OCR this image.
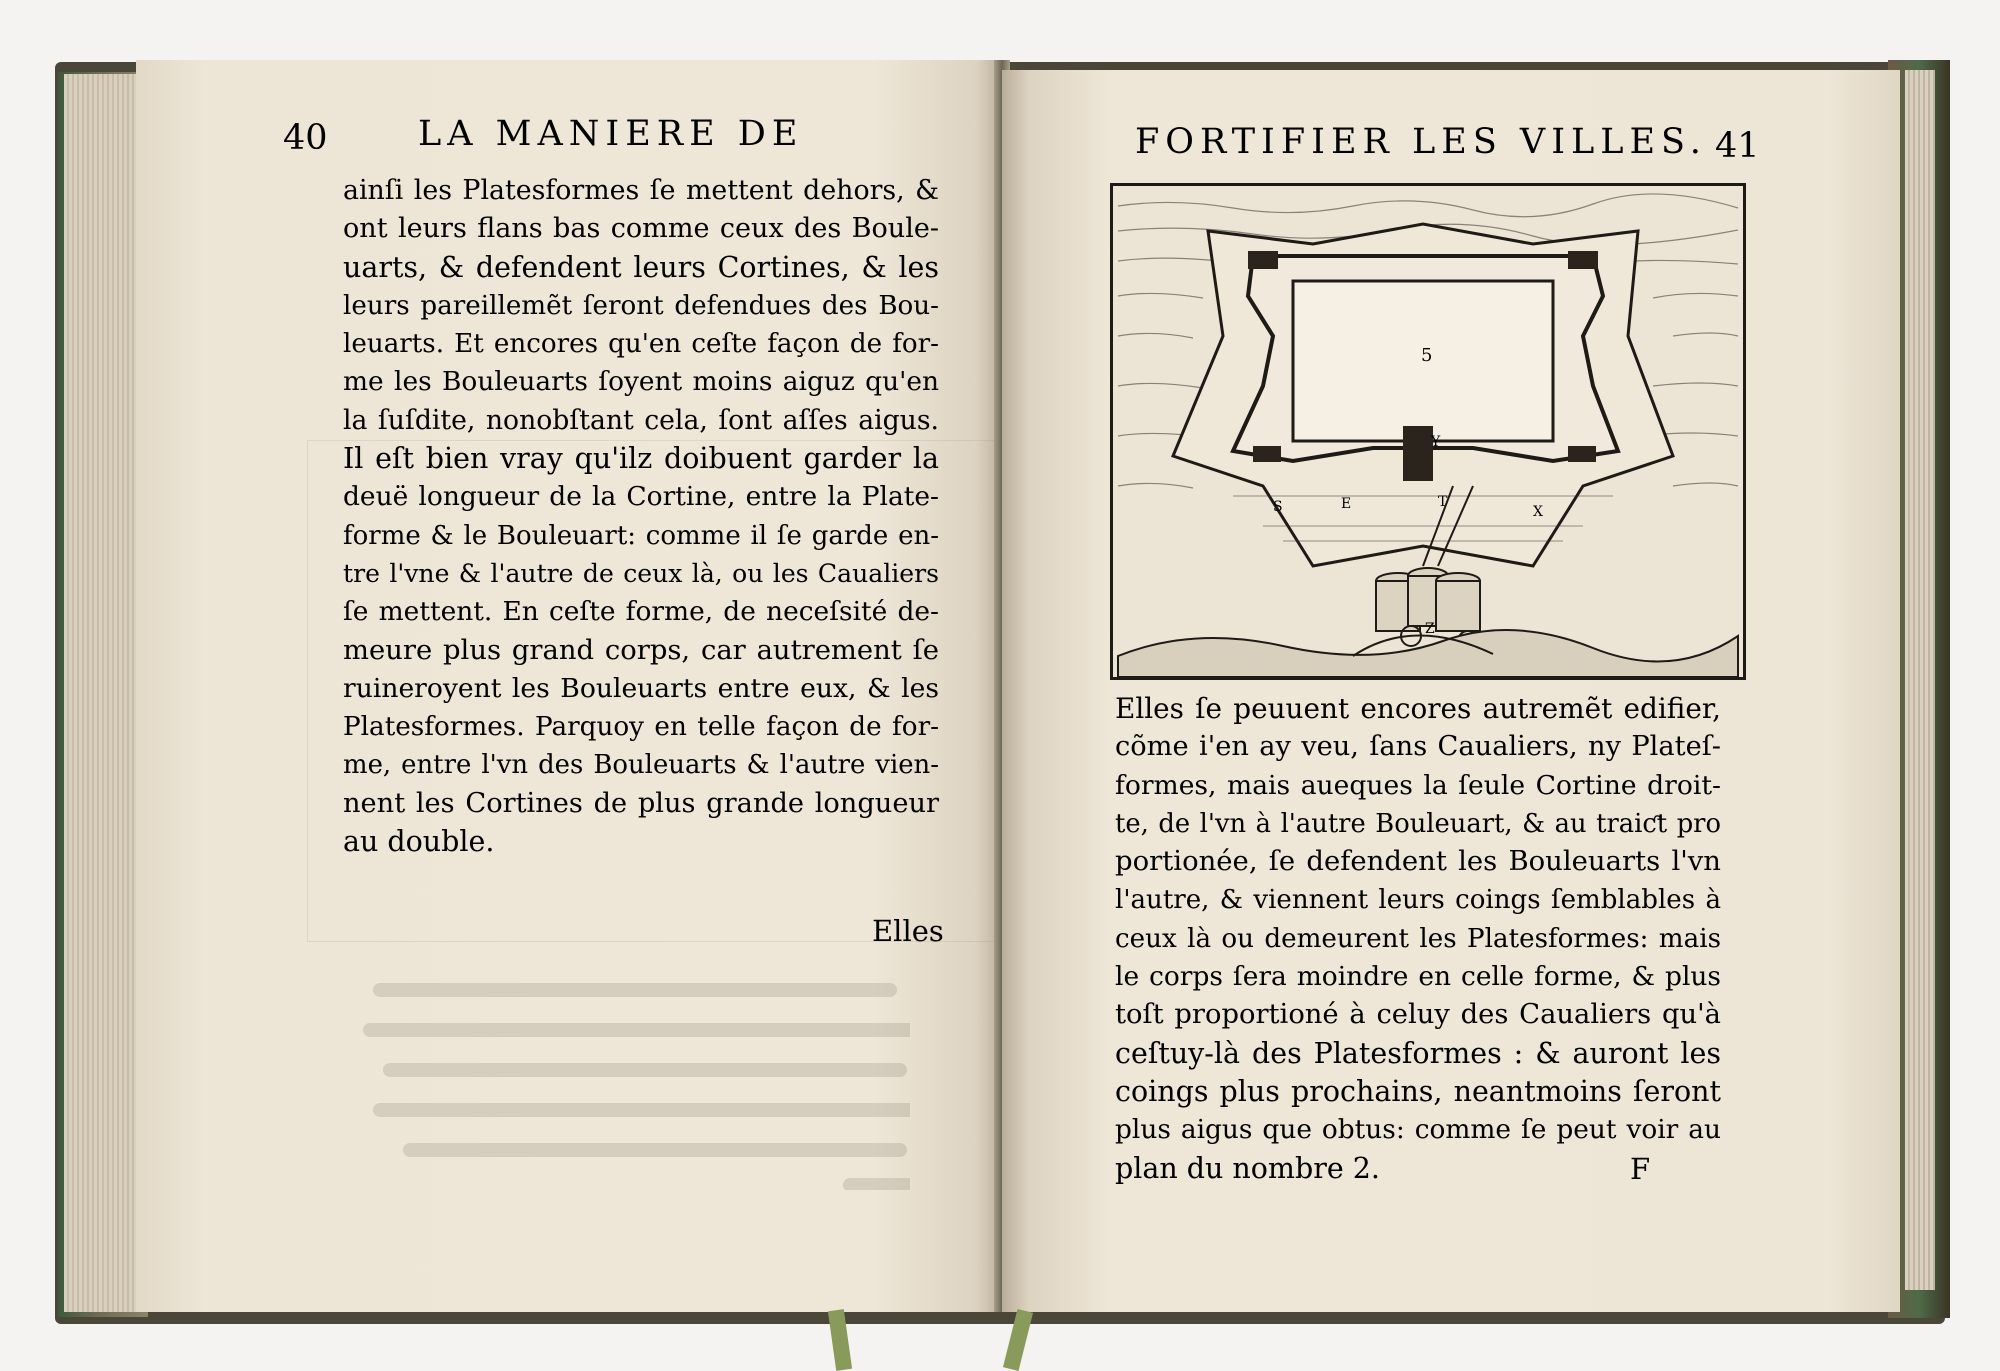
40	LA MANIERE DE
ainſi les Platesformes ſe mettent dehors, &
ont leurs flans bas comme ceux des Boule-
uarts, & defendent leurs Cortines, & les
leurs pareillemẽt ſeront defendues des Bou-
leuarts. Et encores qu'en ceſte façon de for-
me les Bouleuarts ſoyent moins aiguz qu'en
la ſuſdite, nonobſtant cela, ſont aſſes aigus.
Il eſt bien vray qu'ilz doibuent garder la
deuë longueur de la Cortine, entre la Plate-
forme & le Bouleuart: comme il ſe garde en-
tre l'vne & l'autre de ceux là, ou les Caualiers
ſe mettent. En ceſte forme, de neceſsité de-
meure plus grand corps, car autrement ſe
ruineroyent les Bouleuarts entre eux, & les
Platesformes. Parquoy en telle façon de for-
me, entre l'vn des Bouleuarts & l'autre vien-
nent les Cortines de plus grande longueur
au double.
Elles
FORTIFIER LES VILLES. 41
5
S	E
Y
T
X
Z
Elles ſe peuuent encores autremẽt edifier,
cõme i'en ay veu, ſans Caualiers, ny Plateſ-
formes, mais aueques la ſeule Cortine droit-
te, de l'vn à l'autre Bouleuart, & au traiƈt pro
portionée, ſe defendent les Bouleuarts l'vn
l'autre, & viennent leurs coings ſemblables à
ceux là ou demeurent les Platesformes: mais
le corps ſera moindre en celle forme, & plus
toſt proportioné à celuy des Caualiers qu'à
ceſtuy-là des Platesformes : & auront les
coings plus prochains, neantmoins ſeront
plus aigus que obtus: comme ſe peut voir au
plan du nombre 2.	F
